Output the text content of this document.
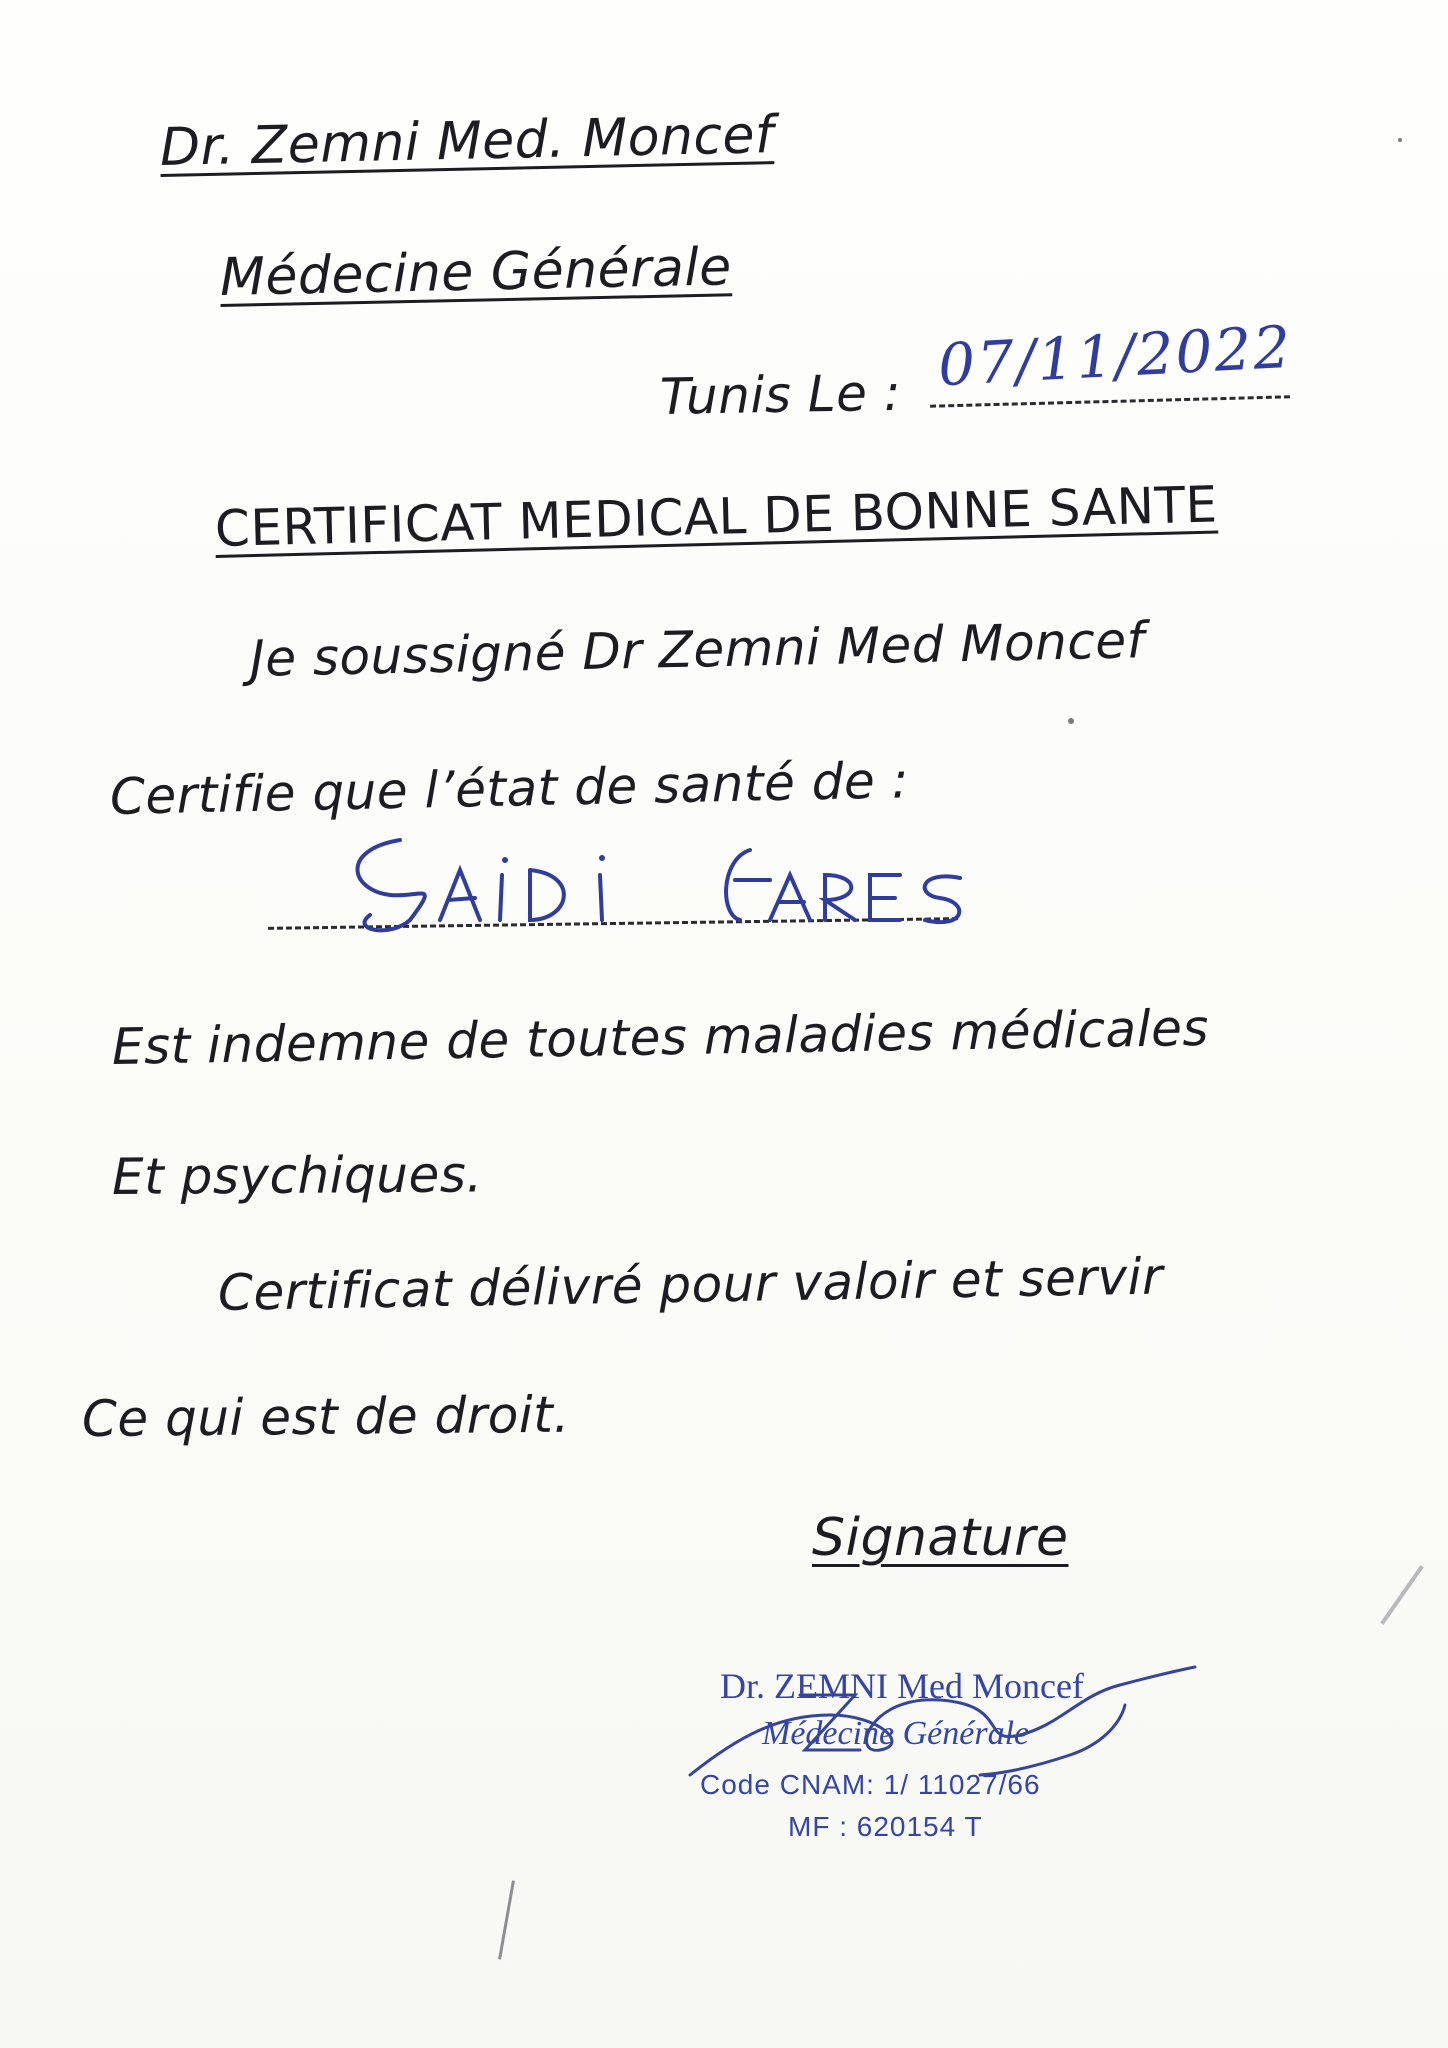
Dr. Zemni Med. Moncef
Médecine Générale
Tunis Le : 07/11/2022
CERTIFICAT MEDICAL DE BONNE SANTE
Je soussigné Dr Zemni Med Moncef
Certifie que l’état de santé de :
Est indemne de toutes maladies médicales
Et psychiques.
Certificat délivré pour valoir et servir
Ce qui est de droit.
Signature
Dr. ZEMNI Med Moncef
Médecine Générale
Code CNAM: 1/ 11027/66
MF : 620154 T
